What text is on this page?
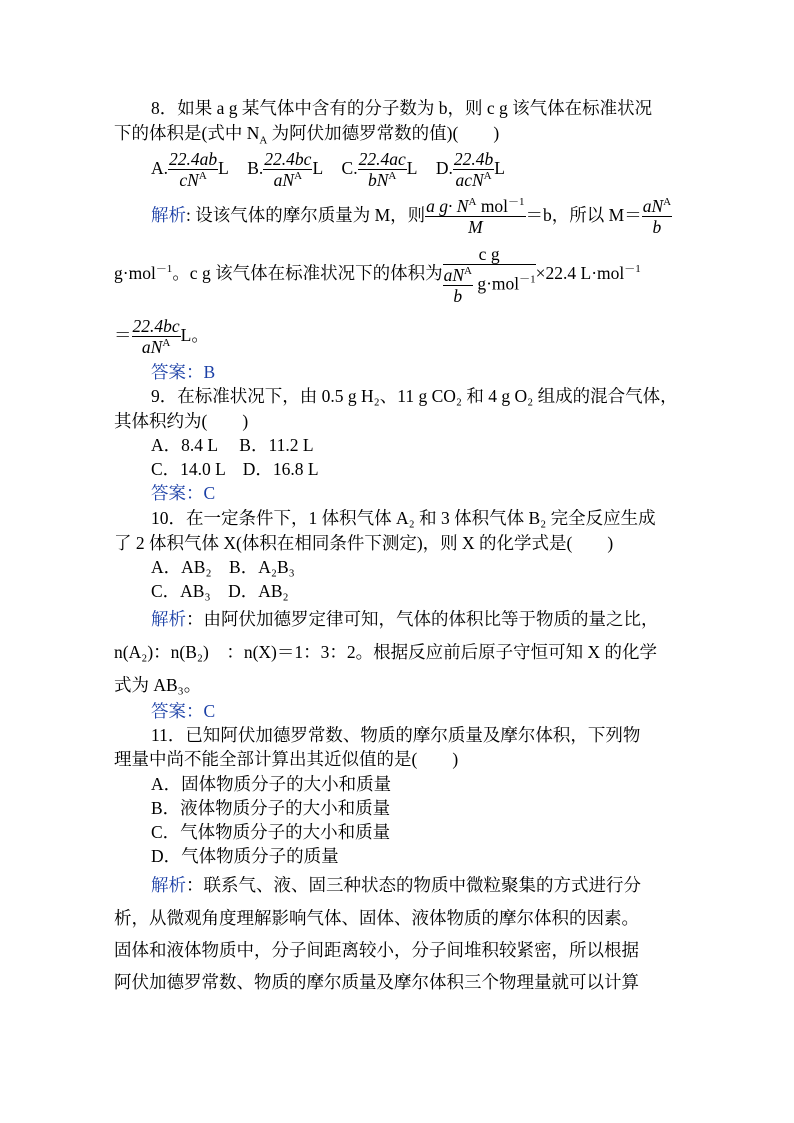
8．如果 a g 某气体中含有的分子数为 b，则 c g 该气体在标准状况
下的体积是(式中 $N_A$ 为阿伏加德罗常数的值)(　　)
A. $\frac{22.4ab}{cN^A}$ L B. $\frac{22.4bc}{aN^A}$ L C. $\frac{22.4ac}{bN^A}$ L D. $\frac{22.4b}{acN^A}$ L
解析: 设该气体的摩尔质量为 M，则 $\frac{a g\cdot N^A mol^{-1}}{M} =b$，所以 $M= \frac{aN^A}{b}$
g·mol$^{-1}$。c g 该气体在标准状况下的体积为 $\frac{\text{c g}}{\frac{aN^A}{b} g\cdot mol^{-1}} \times 22.4$ L·mol$^{-1}$
＝ $\frac{22.4bc}{aN^A}$ L。
答案：B
9．在标准状况下，由 0.5 g H₂、11 g CO₂ 和 4 g O₂ 组成的混合气体，
其体积约为(　　)
A．8.4 L　 B．11.2 L
C．14.0 L　D．16.8 L
答案：C
10．在一定条件下，1 体积气体 A₂ 和 3 体积气体 B₂ 完全反应生成
了 2 体积气体 X(体积在相同条件下测定)，则 X 的化学式是(　　)
A．AB₂　B．A₂B₃
C．AB₃　D．AB₂
解析：由阿伏加德罗定律可知，气体的体积比等于物质的量之比，
n(A₂)：n(B₂)　：n(X)＝1：3：2。根据反应前后原子守恒可知 X 的化学
式为 AB₃。
答案：C
11．已知阿伏加德罗常数、物质的摩尔质量及摩尔体积，下列物
理量中尚不能全部计算出其近似值的是(　　)
A．固体物质分子的大小和质量
B．液体物质分子的大小和质量
C．气体物质分子的大小和质量
D．气体物质分子的质量
解析：联系气、液、固三种状态的物质中微粒聚集的方式进行分
析，从微观角度理解影响气体、固体、液体物质的摩尔体积的因素。
固体和液体物质中，分子间距离较小，分子间堆积较紧密，所以根据
阿伏加德罗常数、物质的摩尔质量及摩尔体积三个物理量就可以计算
